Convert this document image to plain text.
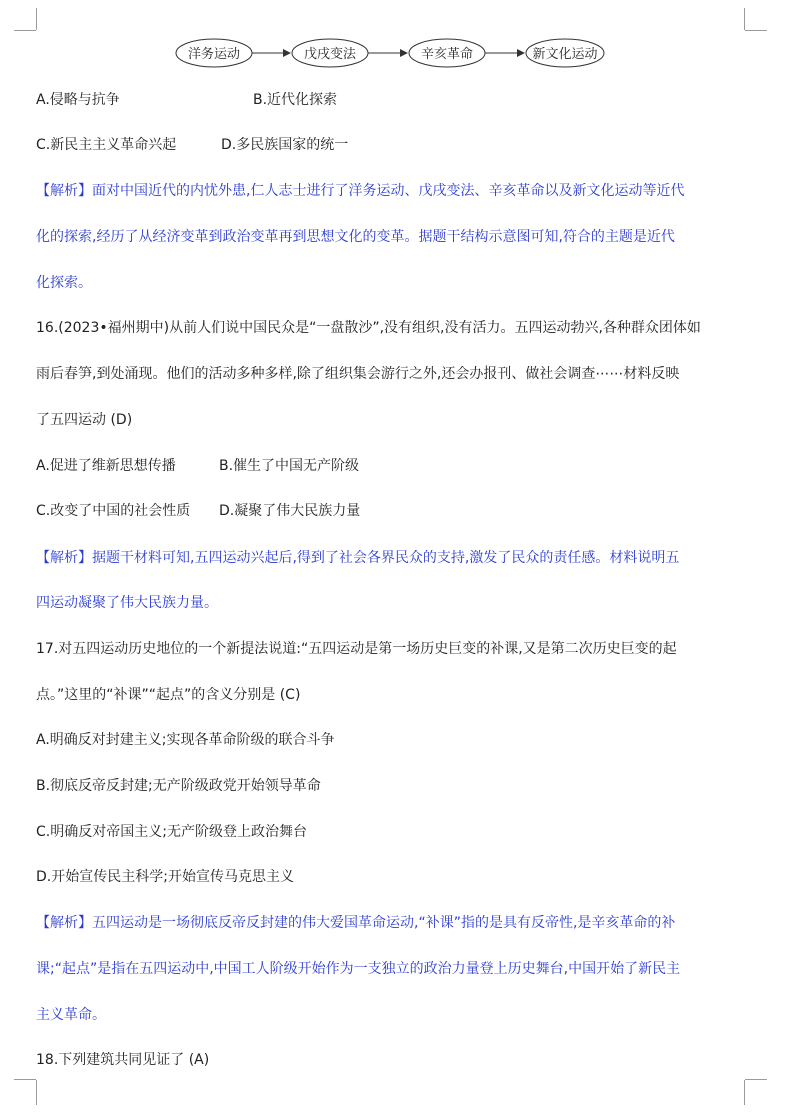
洋务运动	戊戌变法	辛亥革命	新文化运动
A.侵略与抗争	B.近代化探索
C.新民主主义革命兴起	D.多民族国家的统一
【解析】面对中国近代的内忧外患,仁人志士进行了洋务运动、戊戌变法、辛亥革命以及新文化运动等近代
化的探索,经历了从经济变革到政治变革再到思想文化的变革。据题干结构示意图可知,符合的主题是近代
化探索。
16.(2023•福州期中)从前人们说中国民众是“一盘散沙”,没有组织,没有活力。五四运动勃兴,各种群众团体如
雨后春笋,到处涌现。他们的活动多种多样,除了组织集会游行之外,还会办报刊、做社会调查⋯⋯材料反映
了五四运动 (D)
A.促进了维新思想传播	B.催生了中国无产阶级
C.改变了中国的社会性质 D.凝聚了伟大民族力量
【解析】据题干材料可知,五四运动兴起后,得到了社会各界民众的支持,激发了民众的责任感。材料说明五
四运动凝聚了伟大民族力量。
17.对五四运动历史地位的一个新提法说道:“五四运动是第一场历史巨变的补课,又是第二次历史巨变的起
点。”这里的“补课”“起点”的含义分别是 (C)
A.明确反对封建主义;实现各革命阶级的联合斗争
B.彻底反帝反封建;无产阶级政党开始领导革命
C.明确反对帝国主义;无产阶级登上政治舞台
D.开始宣传民主科学;开始宣传马克思主义
【解析】五四运动是一场彻底反帝反封建的伟大爱国革命运动,“补课”指的是具有反帝性,是辛亥革命的补
课;“起点”是指在五四运动中,中国工人阶级开始作为一支独立的政治力量登上历史舞台,中国开始了新民主
主义革命。
18.下列建筑共同见证了 (A)
